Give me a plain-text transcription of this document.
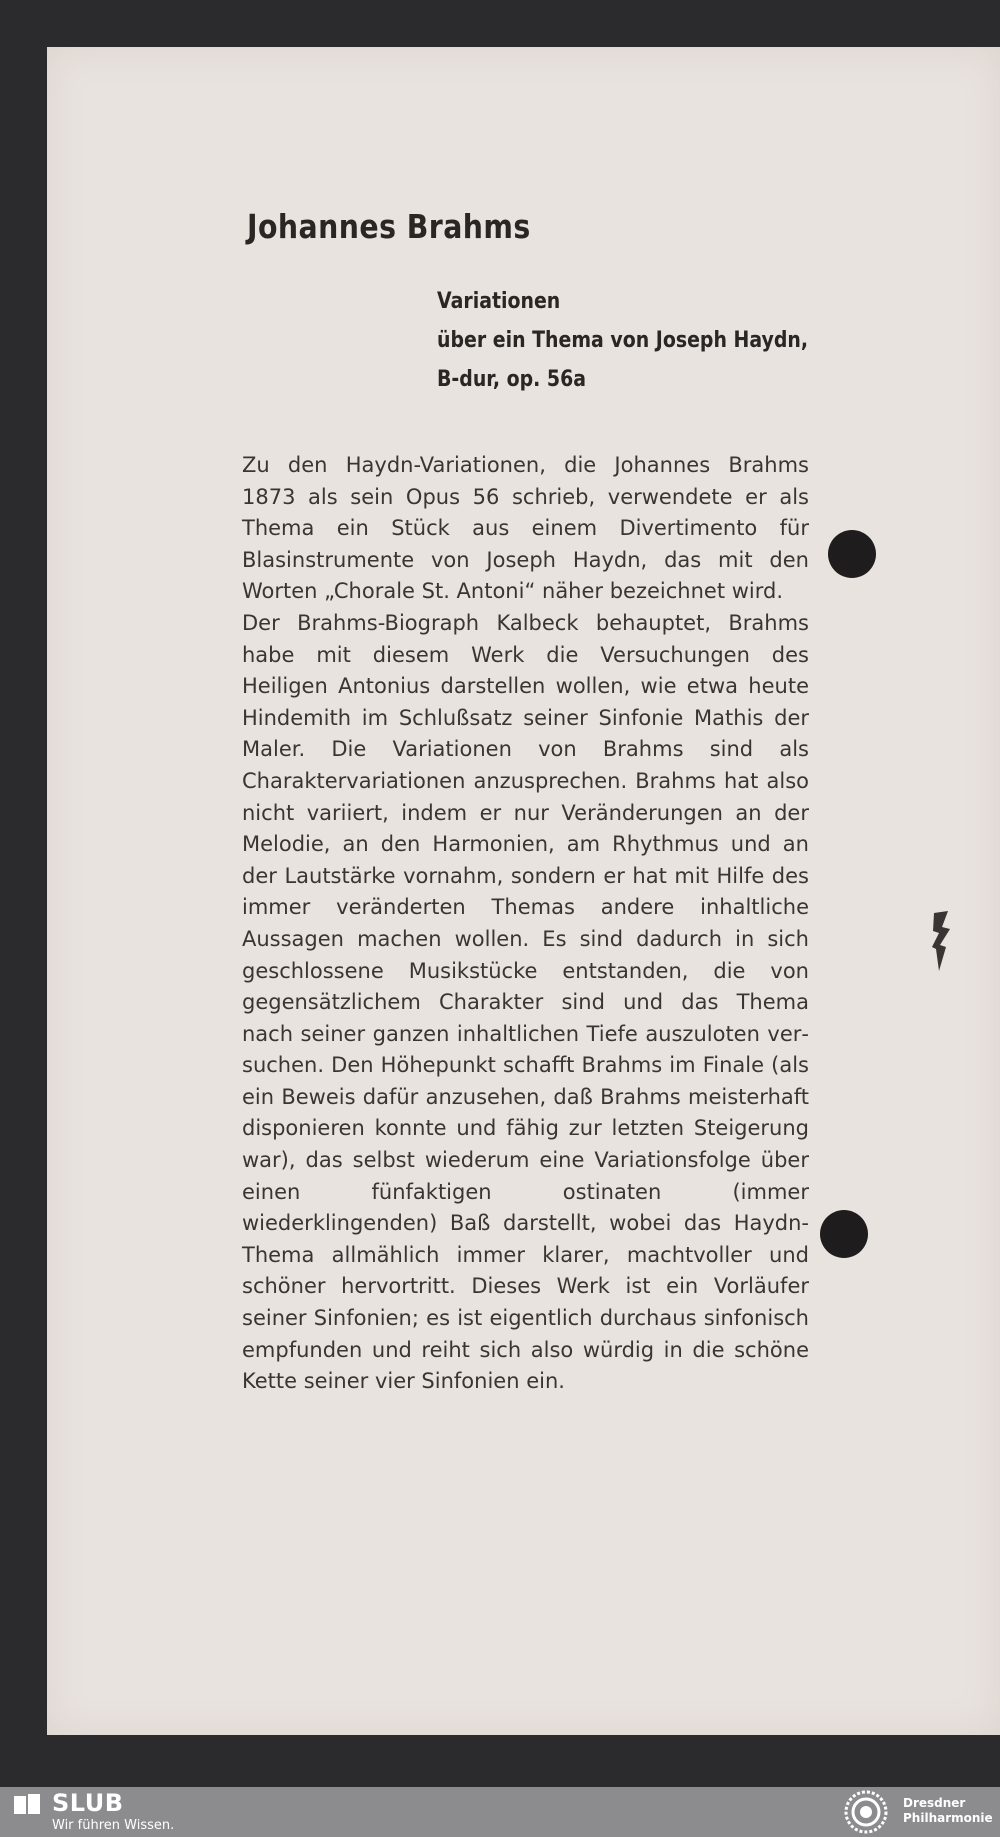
Johannes Brahms
Variationen
über ein Thema von Joseph Haydn,
B-dur, op. 56a

Zu den Haydn-Variationen, die Johannes Brahms 1873 als sein Opus 56 schrieb, verwendete er als Thema ein Stück aus einem Divertimento für Blasinstrumente von Joseph Haydn, das mit den Worten „Chorale St. Antoni“ näher bezeichnet wird.

Der Brahms-Biograph Kalbeck behauptet, Brahms habe mit diesem Werk die Versuchungen des Heiligen Antonius darstellen wollen, wie etwa heute Hindemith im Schlußsatz seiner Sinfonie Mathis der Maler. Die Variationen von Brahms sind als Charaktervariationen anzusprechen. Brahms hat also nicht variiert, indem er nur Veränderungen an der Melodie, an den Harmonien, am Rhythmus und an der Lautstärke vornahm, sondern er hat mit Hilfe des immer veränderten Themas andere inhaltliche Aussagen machen wollen. Es sind dadurch in sich geschlossene Musikstücke entstanden, die von gegensätzlichem Charakter sind und das Thema nach seiner ganzen inhaltlichen Tiefe auszuloten versuchen. Den Höhepunkt schafft Brahms im Finale (als ein Beweis dafür anzusehen, daß Brahms meisterhaft disponieren konnte und fähig zur letzten Steigerung war), das selbst wiederum eine Variationsfolge über einen fünfaktigen ostinaten (immer wiederklingenden) Baß darstellt, wobei das Haydn-Thema allmählich immer klarer, machtvoller und schöner hervortritt. Dieses Werk ist ein Vorläufer seiner Sinfonien; es ist eigentlich durchaus sinfonisch empfunden und reiht sich also würdig in die schöne Kette seiner vier Sinfonien ein.

SLUB
Wir führen Wissen.
Dresdner
Philharmonie
